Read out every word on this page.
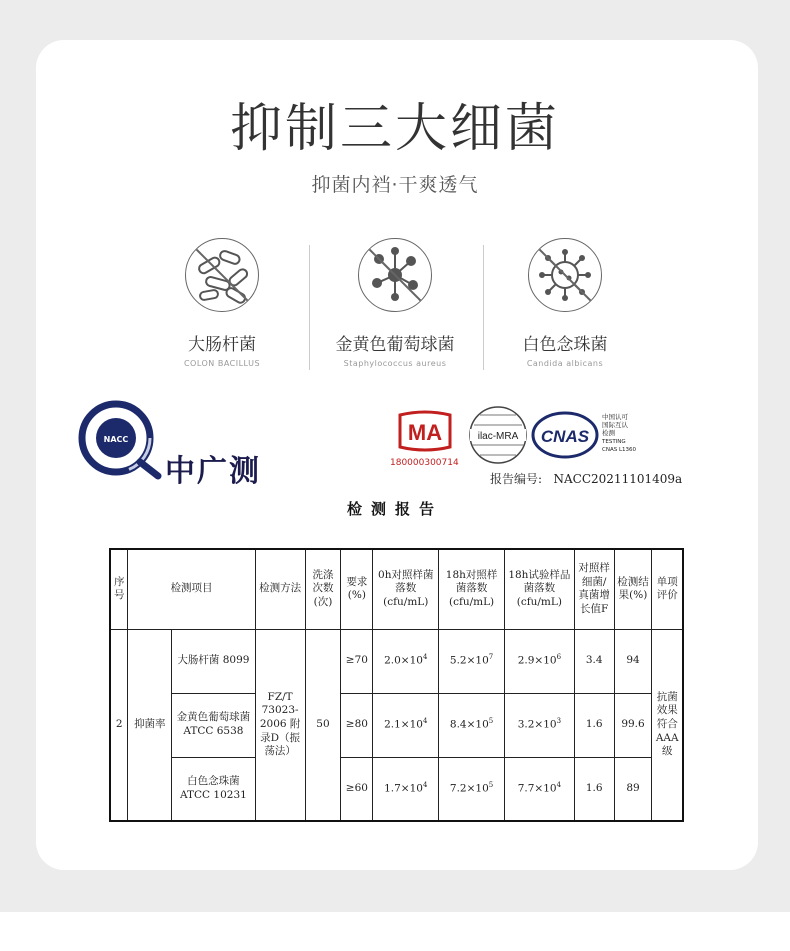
抑制三大细菌
抑菌内裆·干爽透气
大肠杆菌
COLON BACILLUS
金黄色葡萄球菌
Staphylococcus aureus
白色念珠菌
Candida albicans
NACC
中广测
MA	ilac-MRA CNAS
中国认可
国际互认
检测
TESTING
CNAS L1360
180000300714
报告编号: NACC20211101409a
检测报告
序号	检测项目		检测方法	洗涤次数(次)	要求(%)	0h对照样菌落数(cfu/mL)	18h对照样菌落数(cfu/mL)	18h试验样品菌落数(cfu/mL)	对照样细菌/真菌增长值F	检测结果(%)	单项评价
2	抑菌率	大肠杆菌 8099	FZ/T 73023-2006 附录D（振荡法）	50	≥70	$2.0\times 10^4$	$5.2\times 10^7$	$2.9\times 10^6$	3.4	94	抗菌效果符合AAA级
		金黄色葡萄球菌 ATCC 6538			≥80	$2.1\times 10^4$	$8.4\times 10^5$	$3.2\times 10^3$	1.6	99.6	
		白色念珠菌 ATCC 10231			≥60	$1.7\times 10^4$	$7.2\times 10^5$	$7.7\times 10^4$	1.6	89	
